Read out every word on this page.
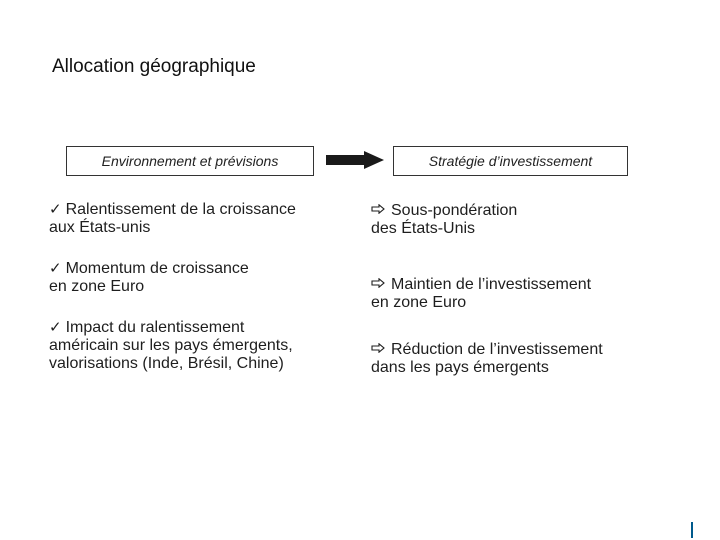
Allocation géographique
Environnement et prévisions	Stratégie d’investissement
✓ Ralentissement de la croissance
aux États-unis
✓ Momentum de croissance
en zone Euro
✓ Impact du ralentissement
américain sur les pays émergents,
valorisations (Inde, Brésil, Chine)
Sous-pondération
des États-Unis
Maintien de l’investissement
en zone Euro
Réduction de l’investissement
dans les pays émergents
